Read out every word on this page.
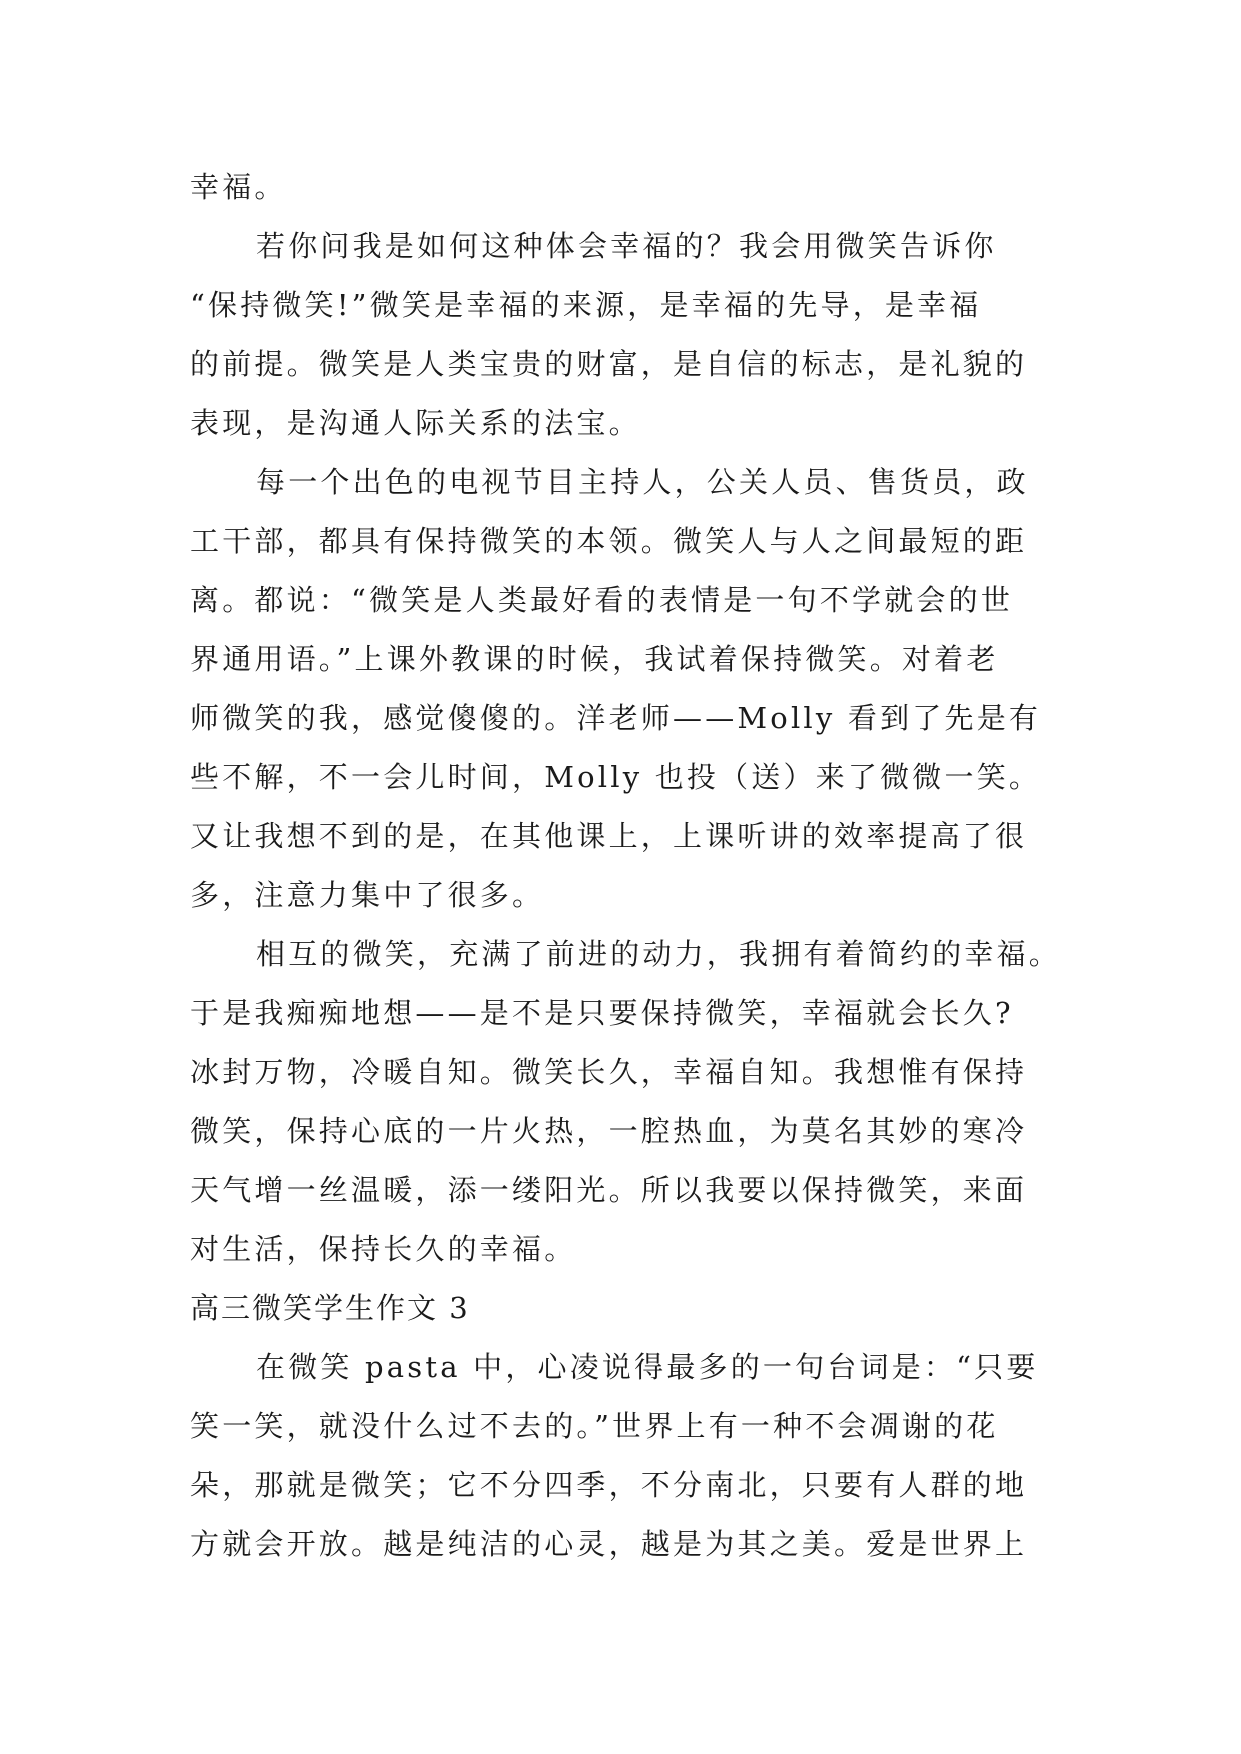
幸福。
若你问我是如何这种体会幸福的？我会用微笑告诉你
“保持微笑!”微笑是幸福的来源，是幸福的先导，是幸福
的前提。微笑是人类宝贵的财富，是自信的标志，是礼貌的
表现，是沟通人际关系的法宝。
每一个出色的电视节目主持人，公关人员、售货员，政
工干部，都具有保持微笑的本领。微笑人与人之间最短的距
离。都说：“微笑是人类最好看的表情是一句不学就会的世
界通用语。”上课外教课的时候，我试着保持微笑。对着老
师微笑的我，感觉傻傻的。洋老师——Molly 看到了先是有
些不解，不一会儿时间，Molly 也投（送）来了微微一笑。
又让我想不到的是，在其他课上，上课听讲的效率提高了很
多，注意力集中了很多。
相互的微笑，充满了前进的动力，我拥有着简约的幸福。
于是我痴痴地想——是不是只要保持微笑，幸福就会长久?
冰封万物，冷暖自知。微笑长久，幸福自知。我想惟有保持
微笑，保持心底的一片火热，一腔热血，为莫名其妙的寒冷
天气增一丝温暖，添一缕阳光。所以我要以保持微笑，来面
对生活，保持长久的幸福。
高三微笑学生作文 3
在微笑 pasta 中，心凌说得最多的一句台词是：“只要
笑一笑，就没什么过不去的。”世界上有一种不会凋谢的花
朵，那就是微笑；它不分四季，不分南北，只要有人群的地
方就会开放。越是纯洁的心灵，越是为其之美。爱是世界上
